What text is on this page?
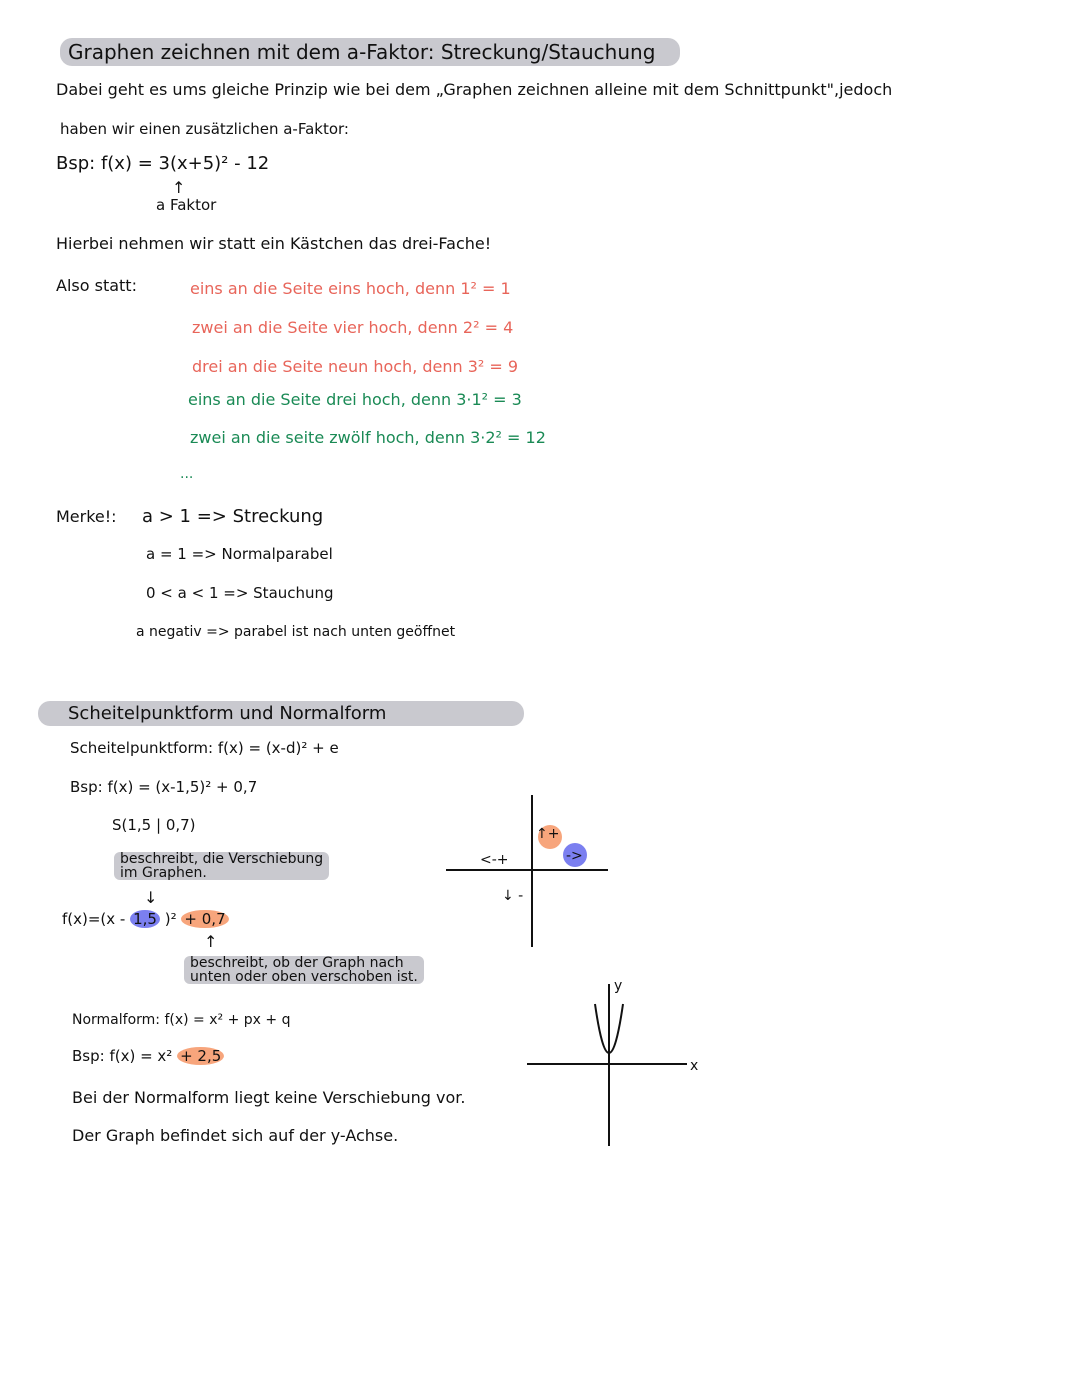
Graphen zeichnen mit dem a-Faktor: Streckung/Stauchung
Dabei geht es ums gleiche Prinzip wie bei dem „Graphen zeichnen alleine mit dem Schnittpunkt",jedoch
haben wir einen zusätzlichen a-Faktor:
Bsp: f(x) = 3(x+5)² - 12
↑
a Faktor
Hierbei nehmen wir statt ein Kästchen das drei-Fache!
Also statt:	eins an die Seite eins hoch, denn 1² = 1
zwei an die Seite vier hoch, denn 2² = 4
drei an die Seite neun hoch, denn 3² = 9
eins an die Seite drei hoch, denn 3·1² = 3
zwei an die seite zwölf hoch, denn 3·2² = 12
...
Merke!: a > 1 => Streckung
a = 1 => Normalparabel
0 < a < 1 => Stauchung
a negativ => parabel ist nach unten geöffnet
Scheitelpunktform und Normalform
Scheitelpunktform: f(x) = (x-d)² + e
Bsp: f(x) = (x-1,5)² + 0,7
S(1,5 | 0,7)
beschreibt, die Verschiebung
im Graphen.
↓
f(x)=(x - 1,5 )² + 0,7
↑
beschreibt, ob der Graph nach
unten oder oben verschoben ist.
↑+
->
<-+
↓ -
Normalform: f(x) = x² + px + q
Bsp: f(x) = x² + 2,5
Bei der Normalform liegt keine Verschiebung vor.
Der Graph befindet sich auf der y-Achse.
y
x
